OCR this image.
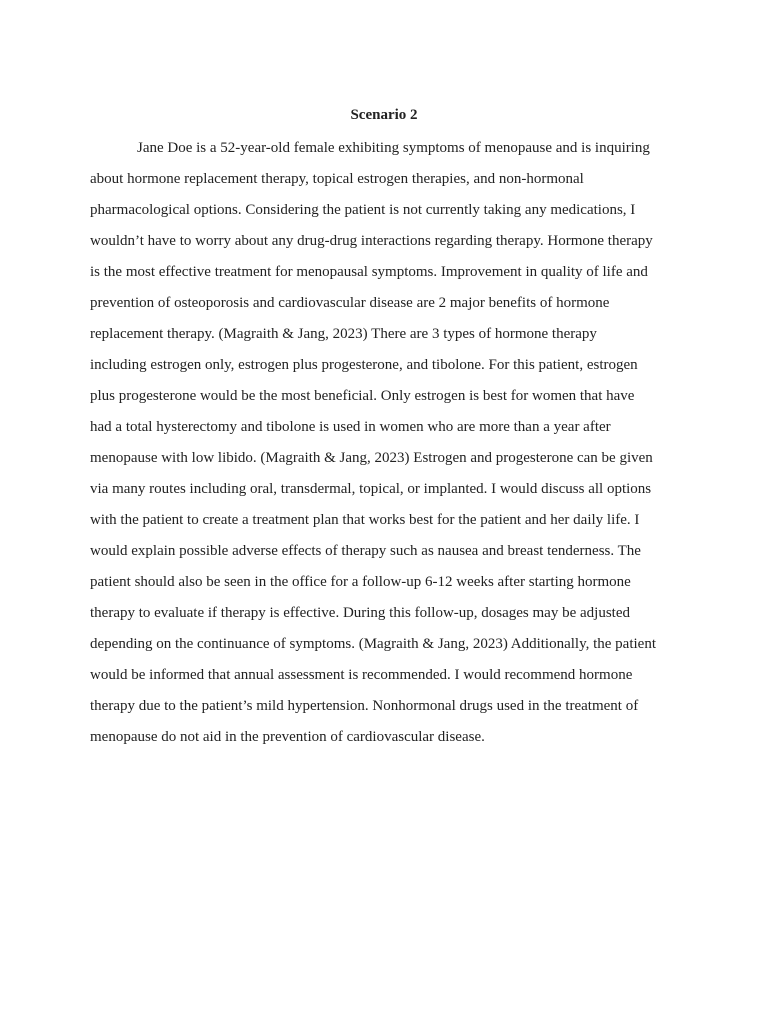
Scenario 2
Jane Doe is a 52-year-old female exhibiting symptoms of menopause and is inquiring
about hormone replacement therapy, topical estrogen therapies, and non-hormonal
pharmacological options. Considering the patient is not currently taking any medications, I
wouldn’t have to worry about any drug-drug interactions regarding therapy. Hormone therapy
is the most effective treatment for menopausal symptoms. Improvement in quality of life and
prevention of osteoporosis and cardiovascular disease are 2 major benefits of hormone
replacement therapy. (Magraith & Jang, 2023) There are 3 types of hormone therapy
including estrogen only, estrogen plus progesterone, and tibolone. For this patient, estrogen
plus progesterone would be the most beneficial. Only estrogen is best for women that have
had a total hysterectomy and tibolone is used in women who are more than a year after
menopause with low libido. (Magraith & Jang, 2023) Estrogen and progesterone can be given
via many routes including oral, transdermal, topical, or implanted. I would discuss all options
with the patient to create a treatment plan that works best for the patient and her daily life. I
would explain possible adverse effects of therapy such as nausea and breast tenderness. The
patient should also be seen in the office for a follow-up 6-12 weeks after starting hormone
therapy to evaluate if therapy is effective. During this follow-up, dosages may be adjusted
depending on the continuance of symptoms. (Magraith & Jang, 2023) Additionally, the patient
would be informed that annual assessment is recommended. I would recommend hormone
therapy due to the patient’s mild hypertension. Nonhormonal drugs used in the treatment of
menopause do not aid in the prevention of cardiovascular disease.
